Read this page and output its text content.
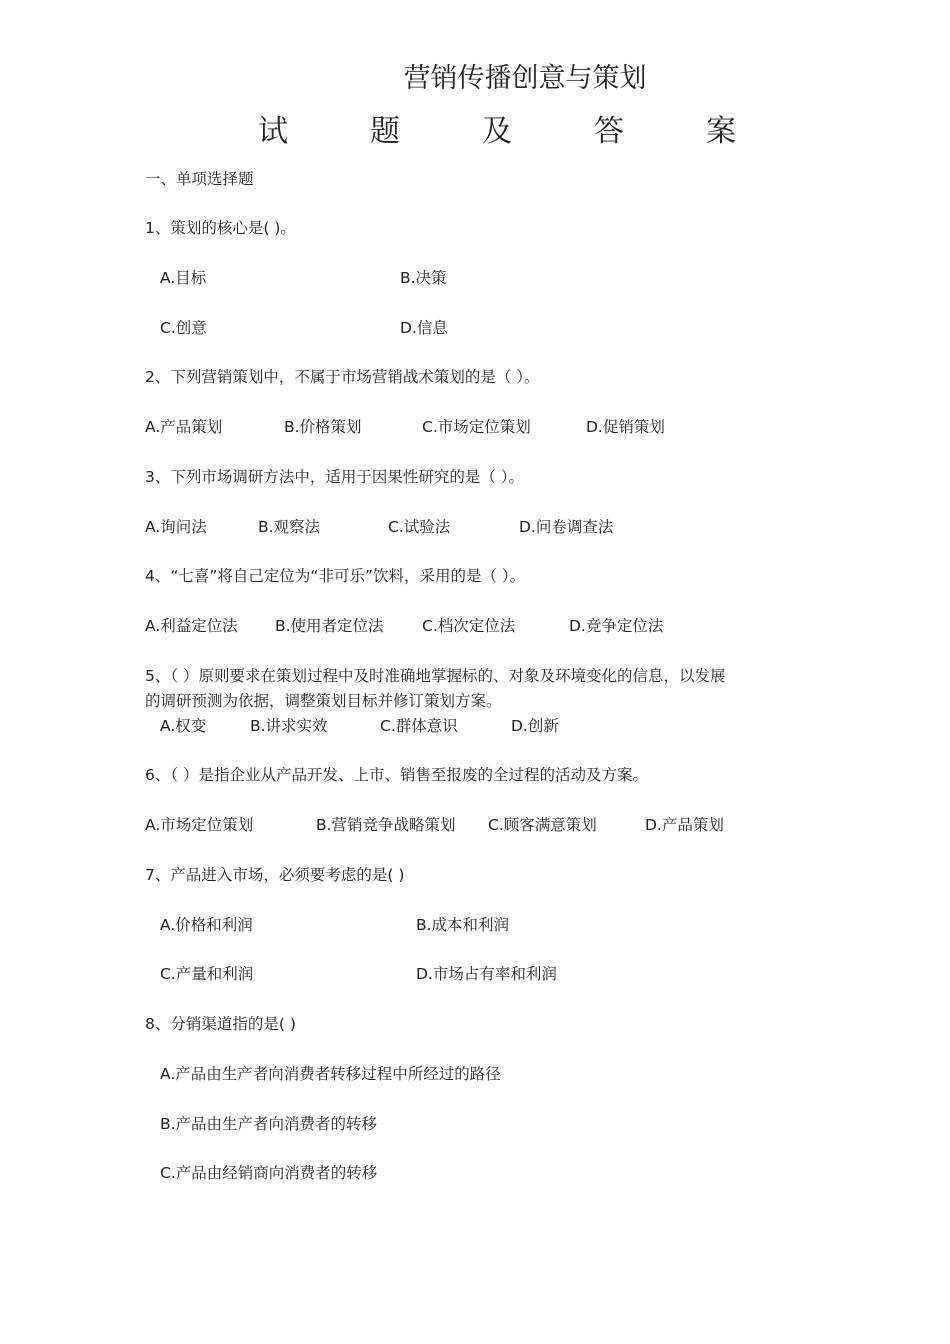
营销传播创意与策划
试	题	及	答	案
一、单项选择题
1、策划的核心是( )。
A.目标	B.决策
C.创意	D.信息
2、下列营销策划中，不属于市场营销战术策划的是（ ）。
A.产品策划	B.价格策划	C.市场定位策划	D.促销策划
3、下列市场调研方法中，适用于因果性研究的是（ ）。
A.询问法	B.观察法	C.试验法	D.问卷调查法
4、“七喜”将自己定位为“非可乐”饮料，采用的是（ ）。
A.利益定位法 B.使用者定位法 C.档次定位法	D.竞争定位法
5、（ ）原则要求在策划过程中及时准确地掌握标的、对象及环境变化的信息，以发展
的调研预测为依据，调整策划目标并修订策划方案。
A.权变	B.讲求实效	C.群体意识	D.创新
6、（ ）是指企业从产品开发、上市、销售至报废的全过程的活动及方案。
A.市场定位策划	B.营销竞争战略策划 C.顾客满意策划	D.产品策划
7、产品进入市场，必须要考虑的是( )
A.价格和利润	B.成本和利润
C.产量和利润	D.市场占有率和利润
8、分销渠道指的是( )
A.产品由生产者向消费者转移过程中所经过的路径
B.产品由生产者向消费者的转移
C.产品由经销商向消费者的转移
